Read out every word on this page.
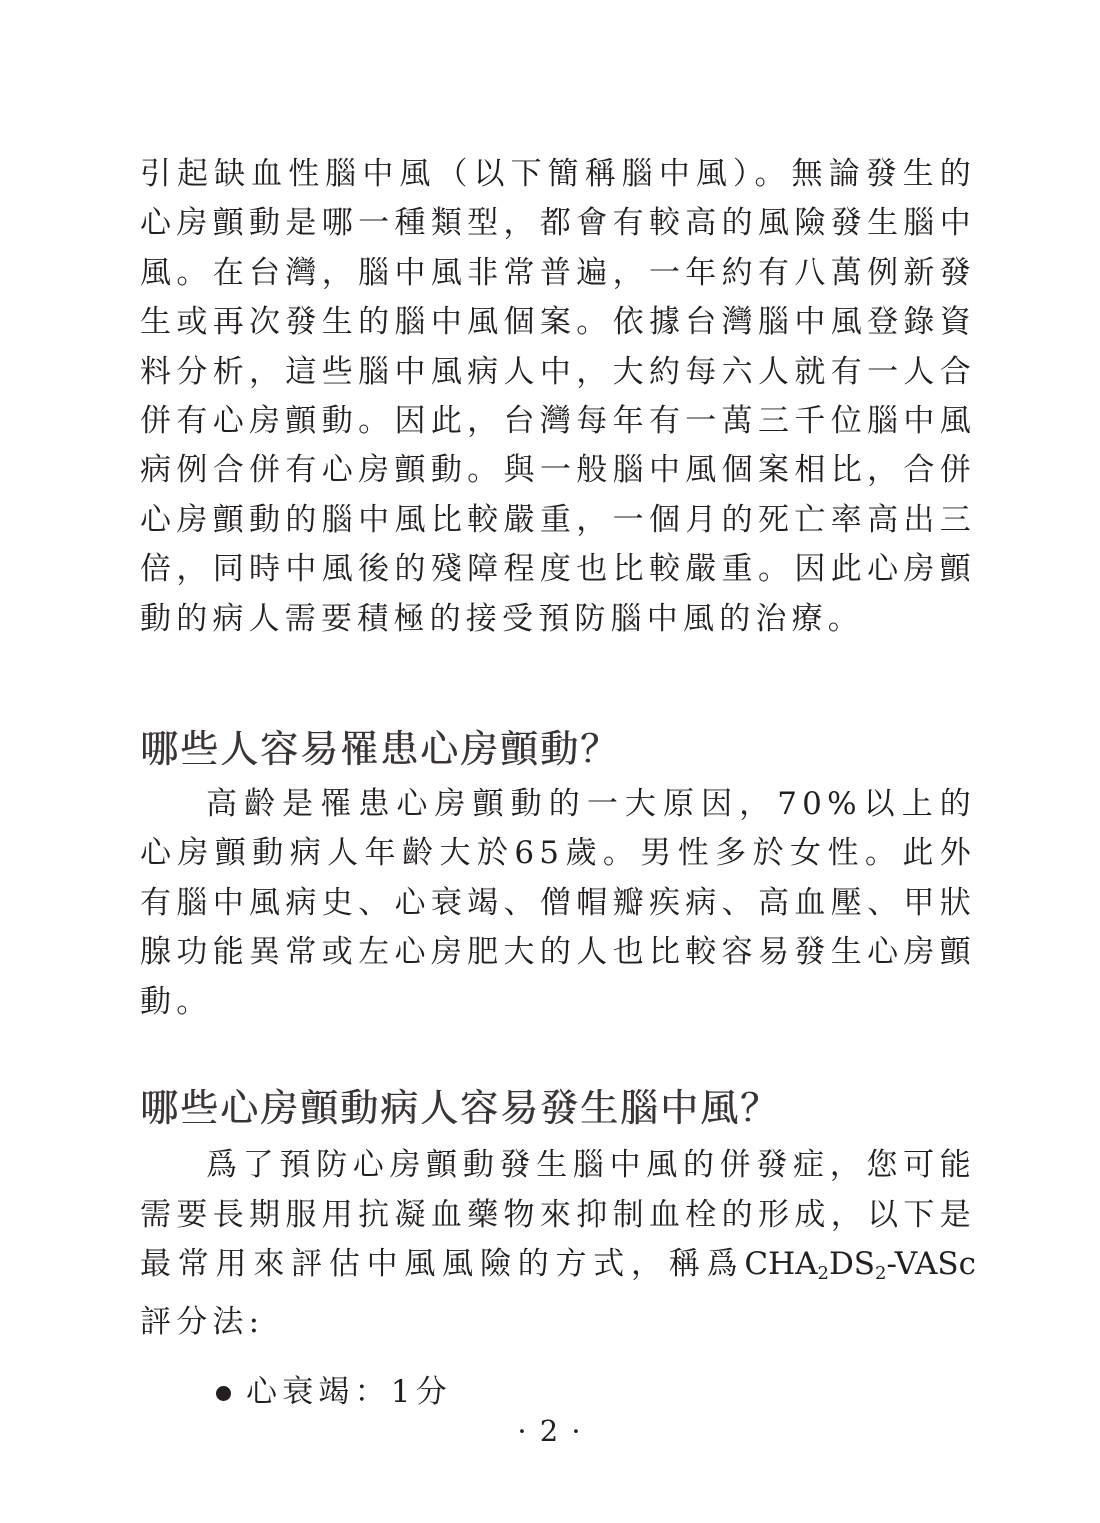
引起缺血性腦中風（以下簡稱腦中風）。無論發生的心房顫動是哪一種類型，都會有較高的風險發生腦中風。在台灣，腦中風非常普遍，一年約有八萬例新發生或再次發生的腦中風個案。依據台灣腦中風登錄資料分析，這些腦中風病人中，大約每六人就有一人合併有心房顫動。因此，台灣每年有一萬三千位腦中風病例合併有心房顫動。與一般腦中風個案相比，合併心房顫動的腦中風比較嚴重，一個月的死亡率高出三倍，同時中風後的殘障程度也比較嚴重。因此心房顫動的病人需要積極的接受預防腦中風的治療。

哪些人容易罹患心房顫動？

高齡是罹患心房顫動的一大原因，70%以上的心房顫動病人年齡大於65歲。男性多於女性。此外有腦中風病史、心衰竭、僧帽瓣疾病、高血壓、甲狀腺功能異常或左心房肥大的人也比較容易發生心房顫動。

哪些心房顫動病人容易發生腦中風？

爲了預防心房顫動發生腦中風的併發症，您可能需要長期服用抗凝血藥物來抑制血栓的形成，以下是最常用來評估中風風險的方式，稱爲$CHA_2DS_2$-VASc評分法:

心衰竭：1分
· 2 ·
